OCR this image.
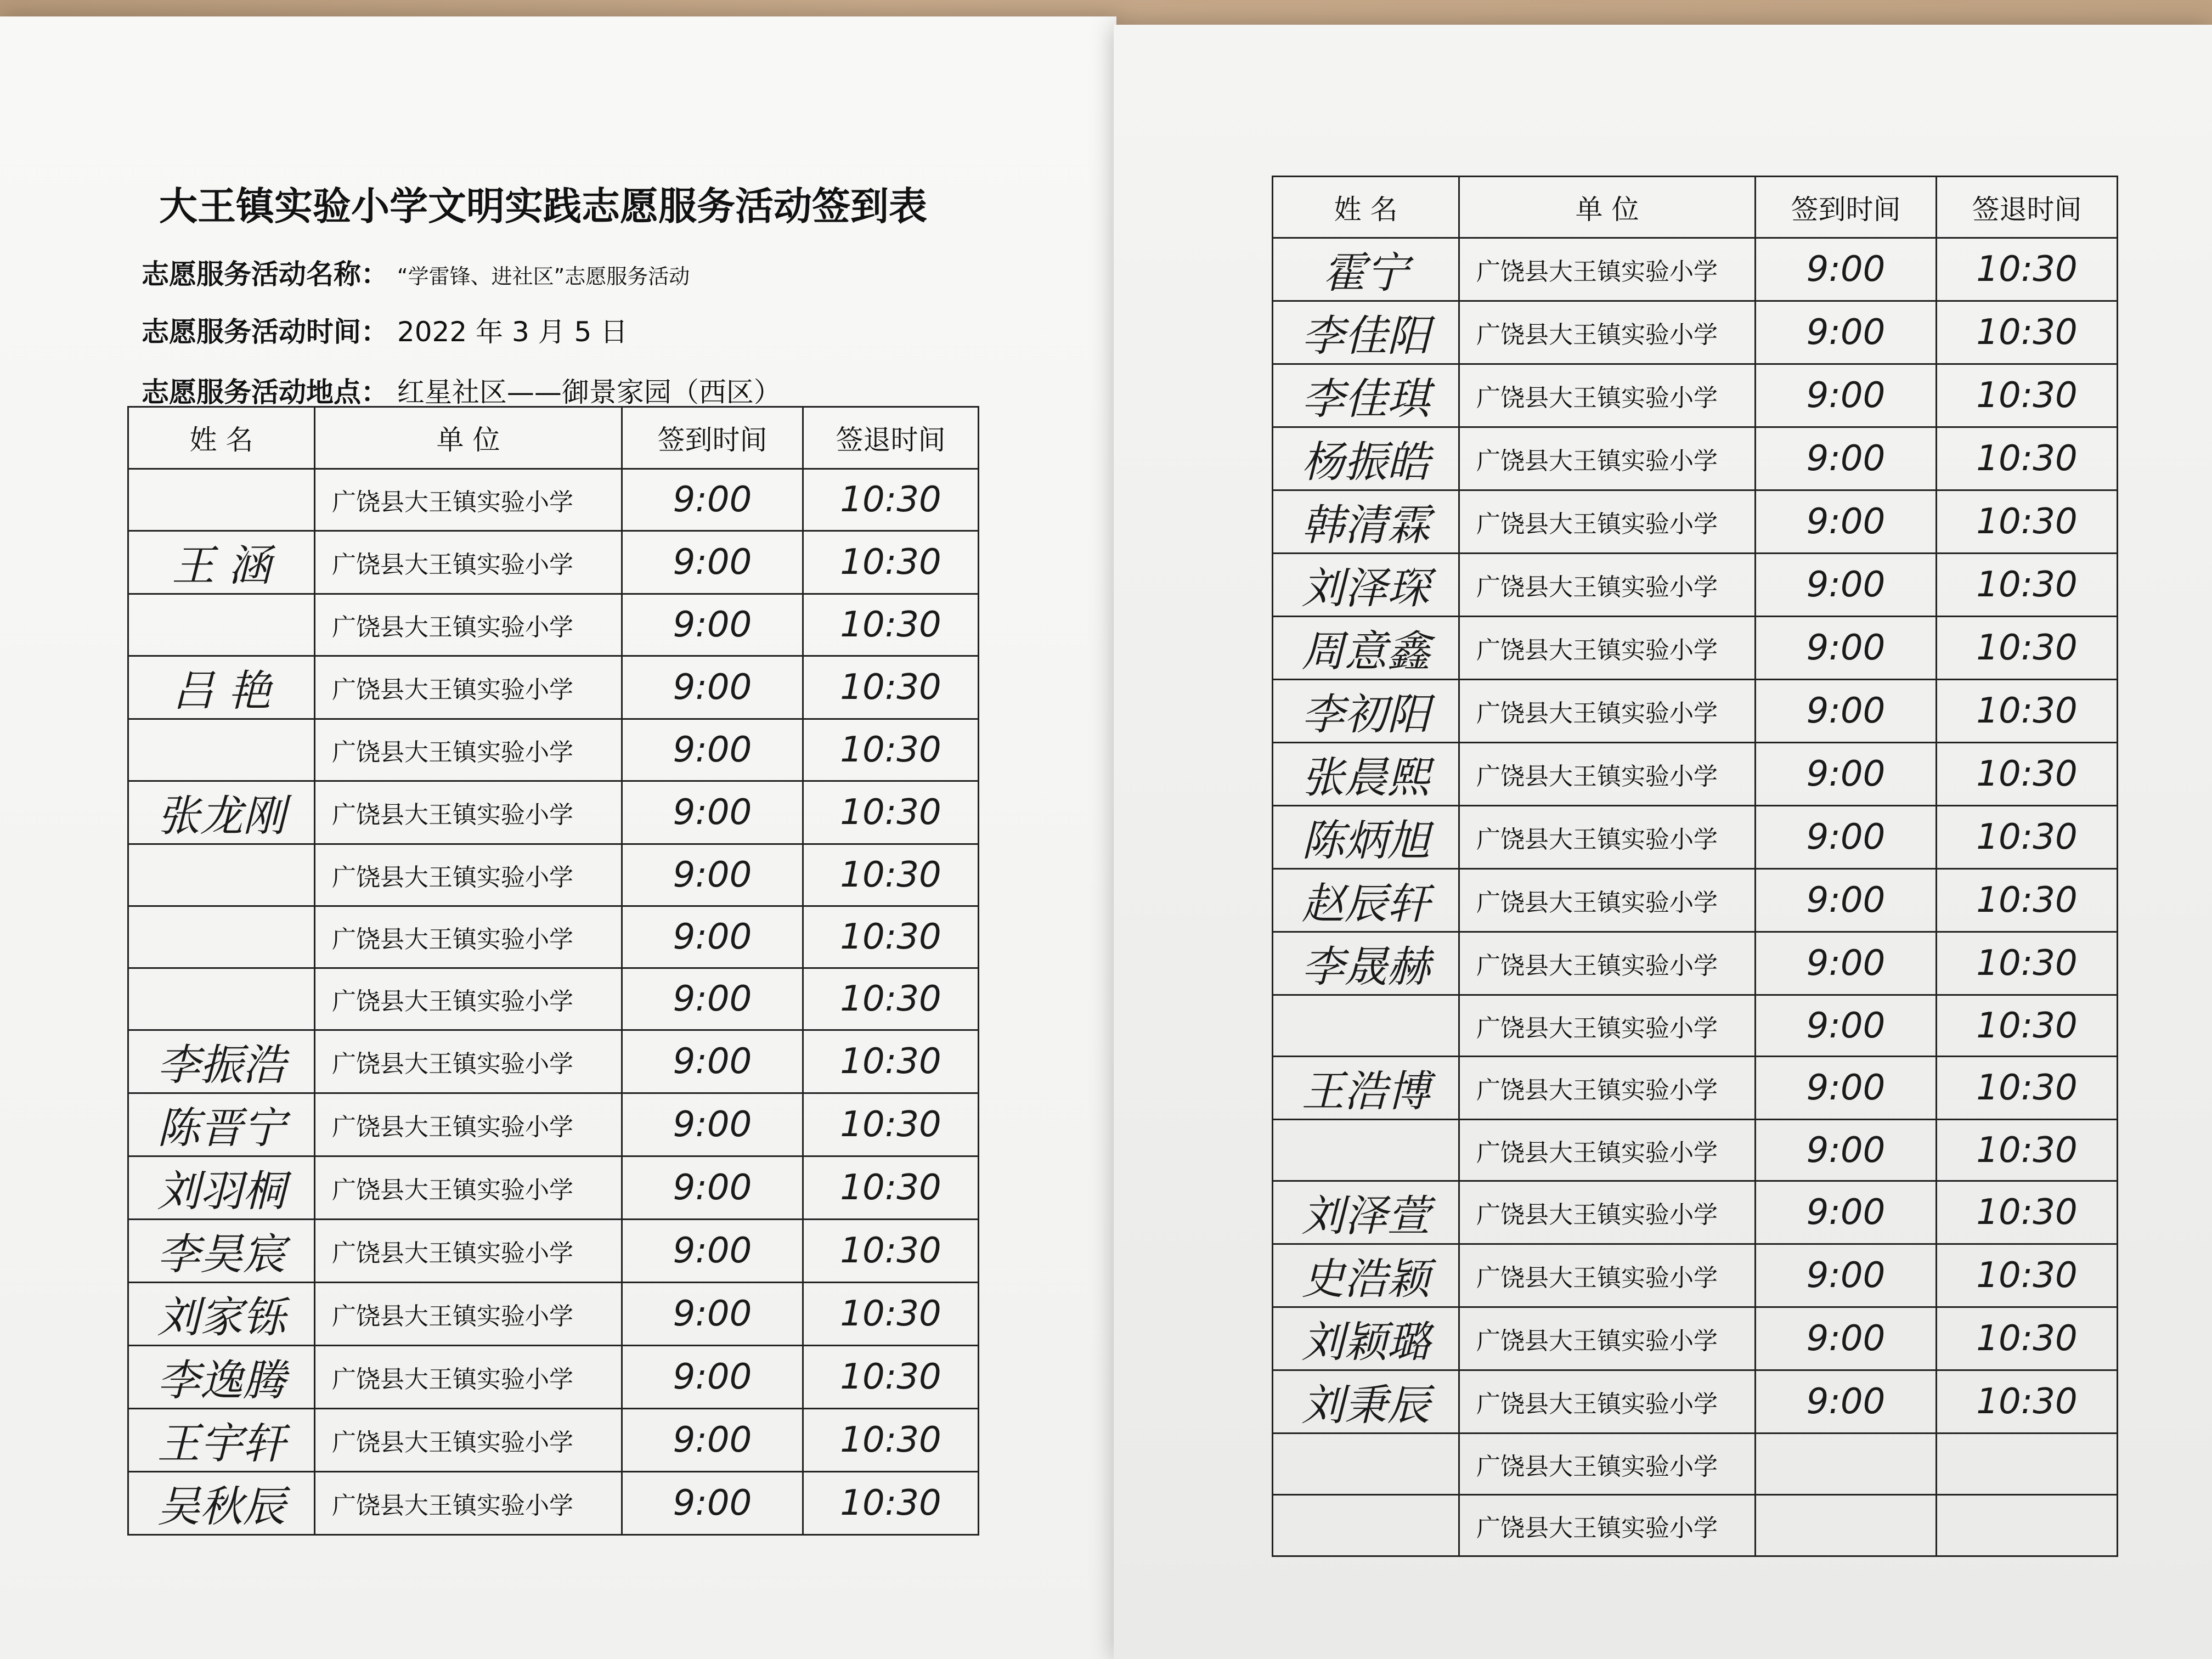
大王镇实验小学文明实践志愿服务活动签到表
志愿服务活动名称： “学雷锋、进社区”志愿服务活动
志愿服务活动时间： 2022 年 3 月 5 日
志愿服务活动地点： 红星社区——御景家园（西区）
姓 名	单 位	签到时间	签退时间
	广饶县大王镇实验小学	9:00	10:30
王 涵	广饶县大王镇实验小学	9:00	10:30
	广饶县大王镇实验小学	9:00	10:30
吕 艳	广饶县大王镇实验小学	9:00	10:30
	广饶县大王镇实验小学	9:00	10:30
张龙刚	广饶县大王镇实验小学	9:00	10:30
	广饶县大王镇实验小学	9:00	10:30
	广饶县大王镇实验小学	9:00	10:30
	广饶县大王镇实验小学	9:00	10:30
李振浩	广饶县大王镇实验小学	9:00	10:30
陈晋宁	广饶县大王镇实验小学	9:00	10:30
刘羽桐	广饶县大王镇实验小学	9:00	10:30
李昊宸	广饶县大王镇实验小学	9:00	10:30
刘家铄	广饶县大王镇实验小学	9:00	10:30
李逸腾	广饶县大王镇实验小学	9:00	10:30
王宇轩	广饶县大王镇实验小学	9:00	10:30
吴秋辰	广饶县大王镇实验小学	9:00	10:30
姓 名	单 位	签到时间	签退时间
霍宁	广饶县大王镇实验小学	9:00	10:30
李佳阳	广饶县大王镇实验小学	9:00	10:30
李佳琪	广饶县大王镇实验小学	9:00	10:30
杨振皓	广饶县大王镇实验小学	9:00	10:30
韩清霖	广饶县大王镇实验小学	9:00	10:30
刘泽琛	广饶县大王镇实验小学	9:00	10:30
周意鑫	广饶县大王镇实验小学	9:00	10:30
李初阳	广饶县大王镇实验小学	9:00	10:30
张晨熙	广饶县大王镇实验小学	9:00	10:30
陈炳旭	广饶县大王镇实验小学	9:00	10:30
赵辰轩	广饶县大王镇实验小学	9:00	10:30
李晟赫	广饶县大王镇实验小学	9:00	10:30
	广饶县大王镇实验小学	9:00	10:30
王浩博	广饶县大王镇实验小学	9:00	10:30
	广饶县大王镇实验小学	9:00	10:30
刘泽萱	广饶县大王镇实验小学	9:00	10:30
史浩颖	广饶县大王镇实验小学	9:00	10:30
刘颖璐	广饶县大王镇实验小学	9:00	10:30
刘秉辰	广饶县大王镇实验小学	9:00	10:30
	广饶县大王镇实验小学		
	广饶县大王镇实验小学		
